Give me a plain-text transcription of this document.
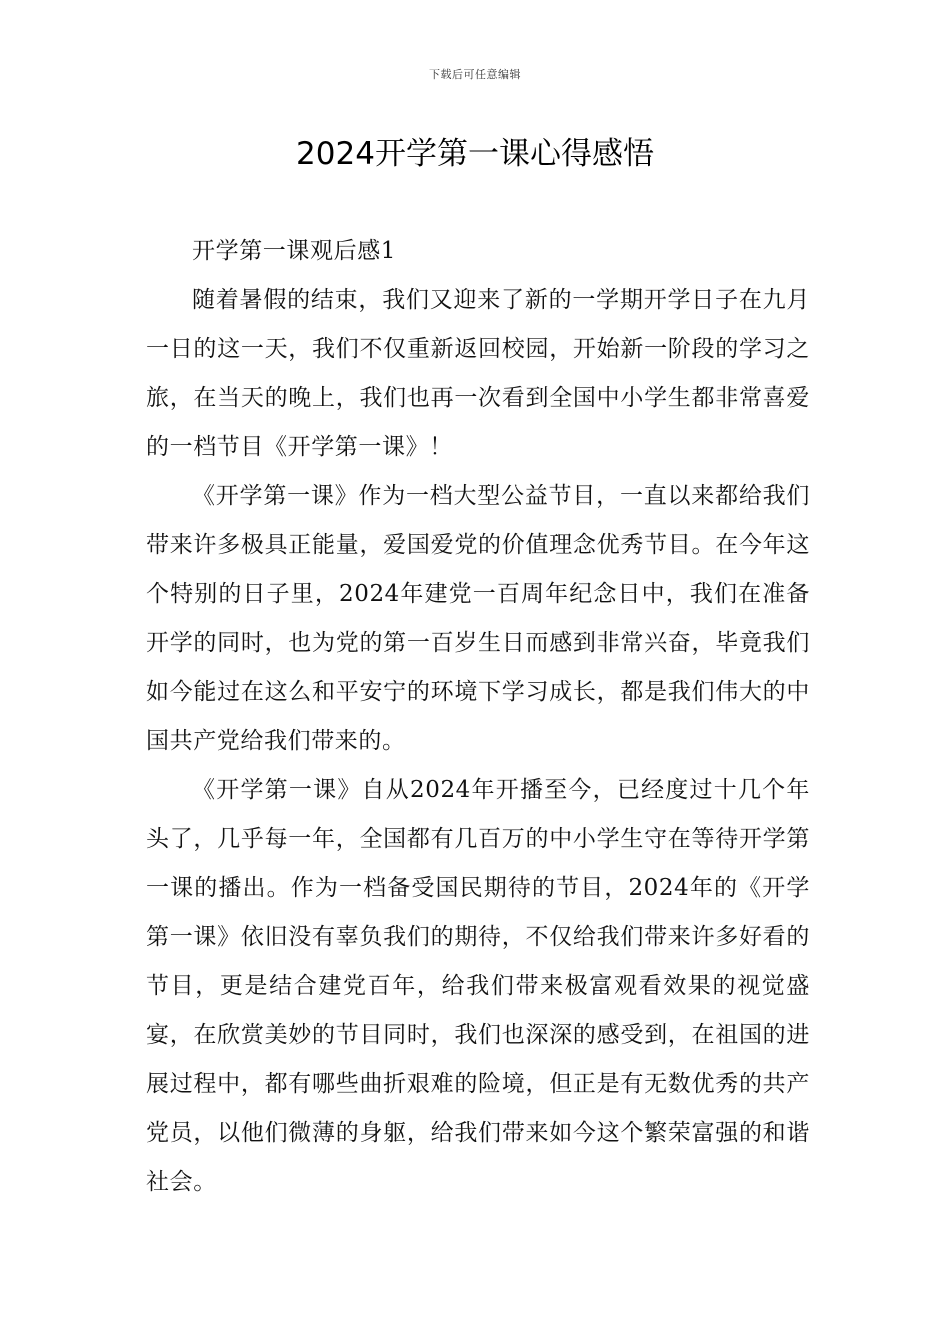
下载后可任意编辑
2024开学第一课心得感悟

开学第一课观后感1

随着暑假的结束，我们又迎来了新的一学期开学日子在九月一日的这一天，我们不仅重新返回校园，开始新一阶段的学习之旅，在当天的晚上，我们也再一次看到全国中小学生都非常喜爱的一档节目《开学第一课》！

《开学第一课》作为一档大型公益节目，一直以来都给我们带来许多极具正能量，爱国爱党的价值理念优秀节目。在今年这个特别的日子里，2024年建党一百周年纪念日中，我们在准备开学的同时，也为党的第一百岁生日而感到非常兴奋，毕竟我们如今能过在这么和平安宁的环境下学习成长，都是我们伟大的中国共产党给我们带来的。

《开学第一课》自从2024年开播至今，已经度过十几个年头了，几乎每一年，全国都有几百万的中小学生守在等待开学第一课的播出。作为一档备受国民期待的节目，2024年的《开学第一课》依旧没有辜负我们的期待，不仅给我们带来许多好看的节目，更是结合建党百年，给我们带来极富观看效果的视觉盛宴，在欣赏美妙的节目同时，我们也深深的感受到，在祖国的进展过程中，都有哪些曲折艰难的险境，但正是有无数优秀的共产党员，以他们微薄的身躯，给我们带来如今这个繁荣富强的和谐社会。
